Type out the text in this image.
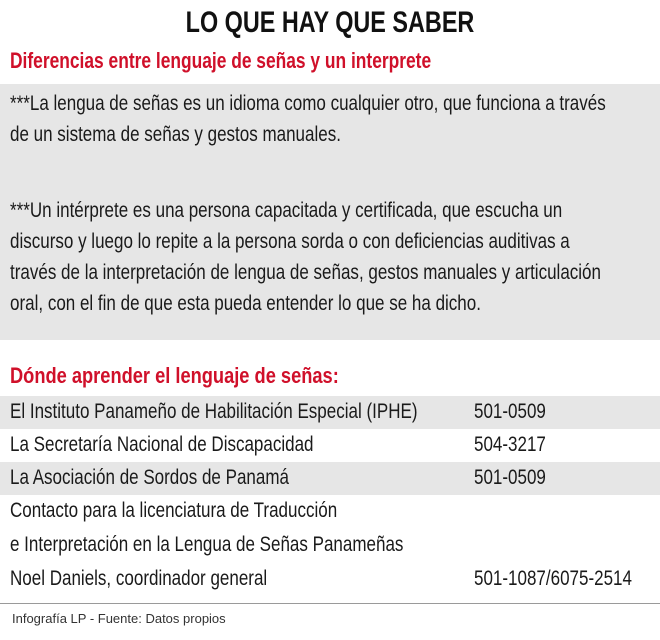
LO QUE HAY QUE SABER
Diferencias entre lenguaje de señas y un interprete
***La lengua de señas es un idioma como cualquier otro, que funciona a través
de un sistema de señas y gestos manuales.
***Un intérprete es una persona capacitada y certificada, que escucha un
discurso y luego lo repite a la persona sorda o con deficiencias auditivas a
través de la interpretación de lengua de señas, gestos manuales y articulación
oral, con el fin de que esta pueda entender lo que se ha dicho.
Dónde aprender el lenguaje de señas:
El Instituto Panameño de Habilitación Especial (IPHE)	501-0509
La Secretaría Nacional de Discapacidad	504-3217
La Asociación de Sordos de Panamá	501-0509
Contacto para la licenciatura de Traducción
e Interpretación en la Lengua de Señas Panameñas
Noel Daniels, coordinador general	501-1087/6075-2514
Infografía LP - Fuente: Datos propios
